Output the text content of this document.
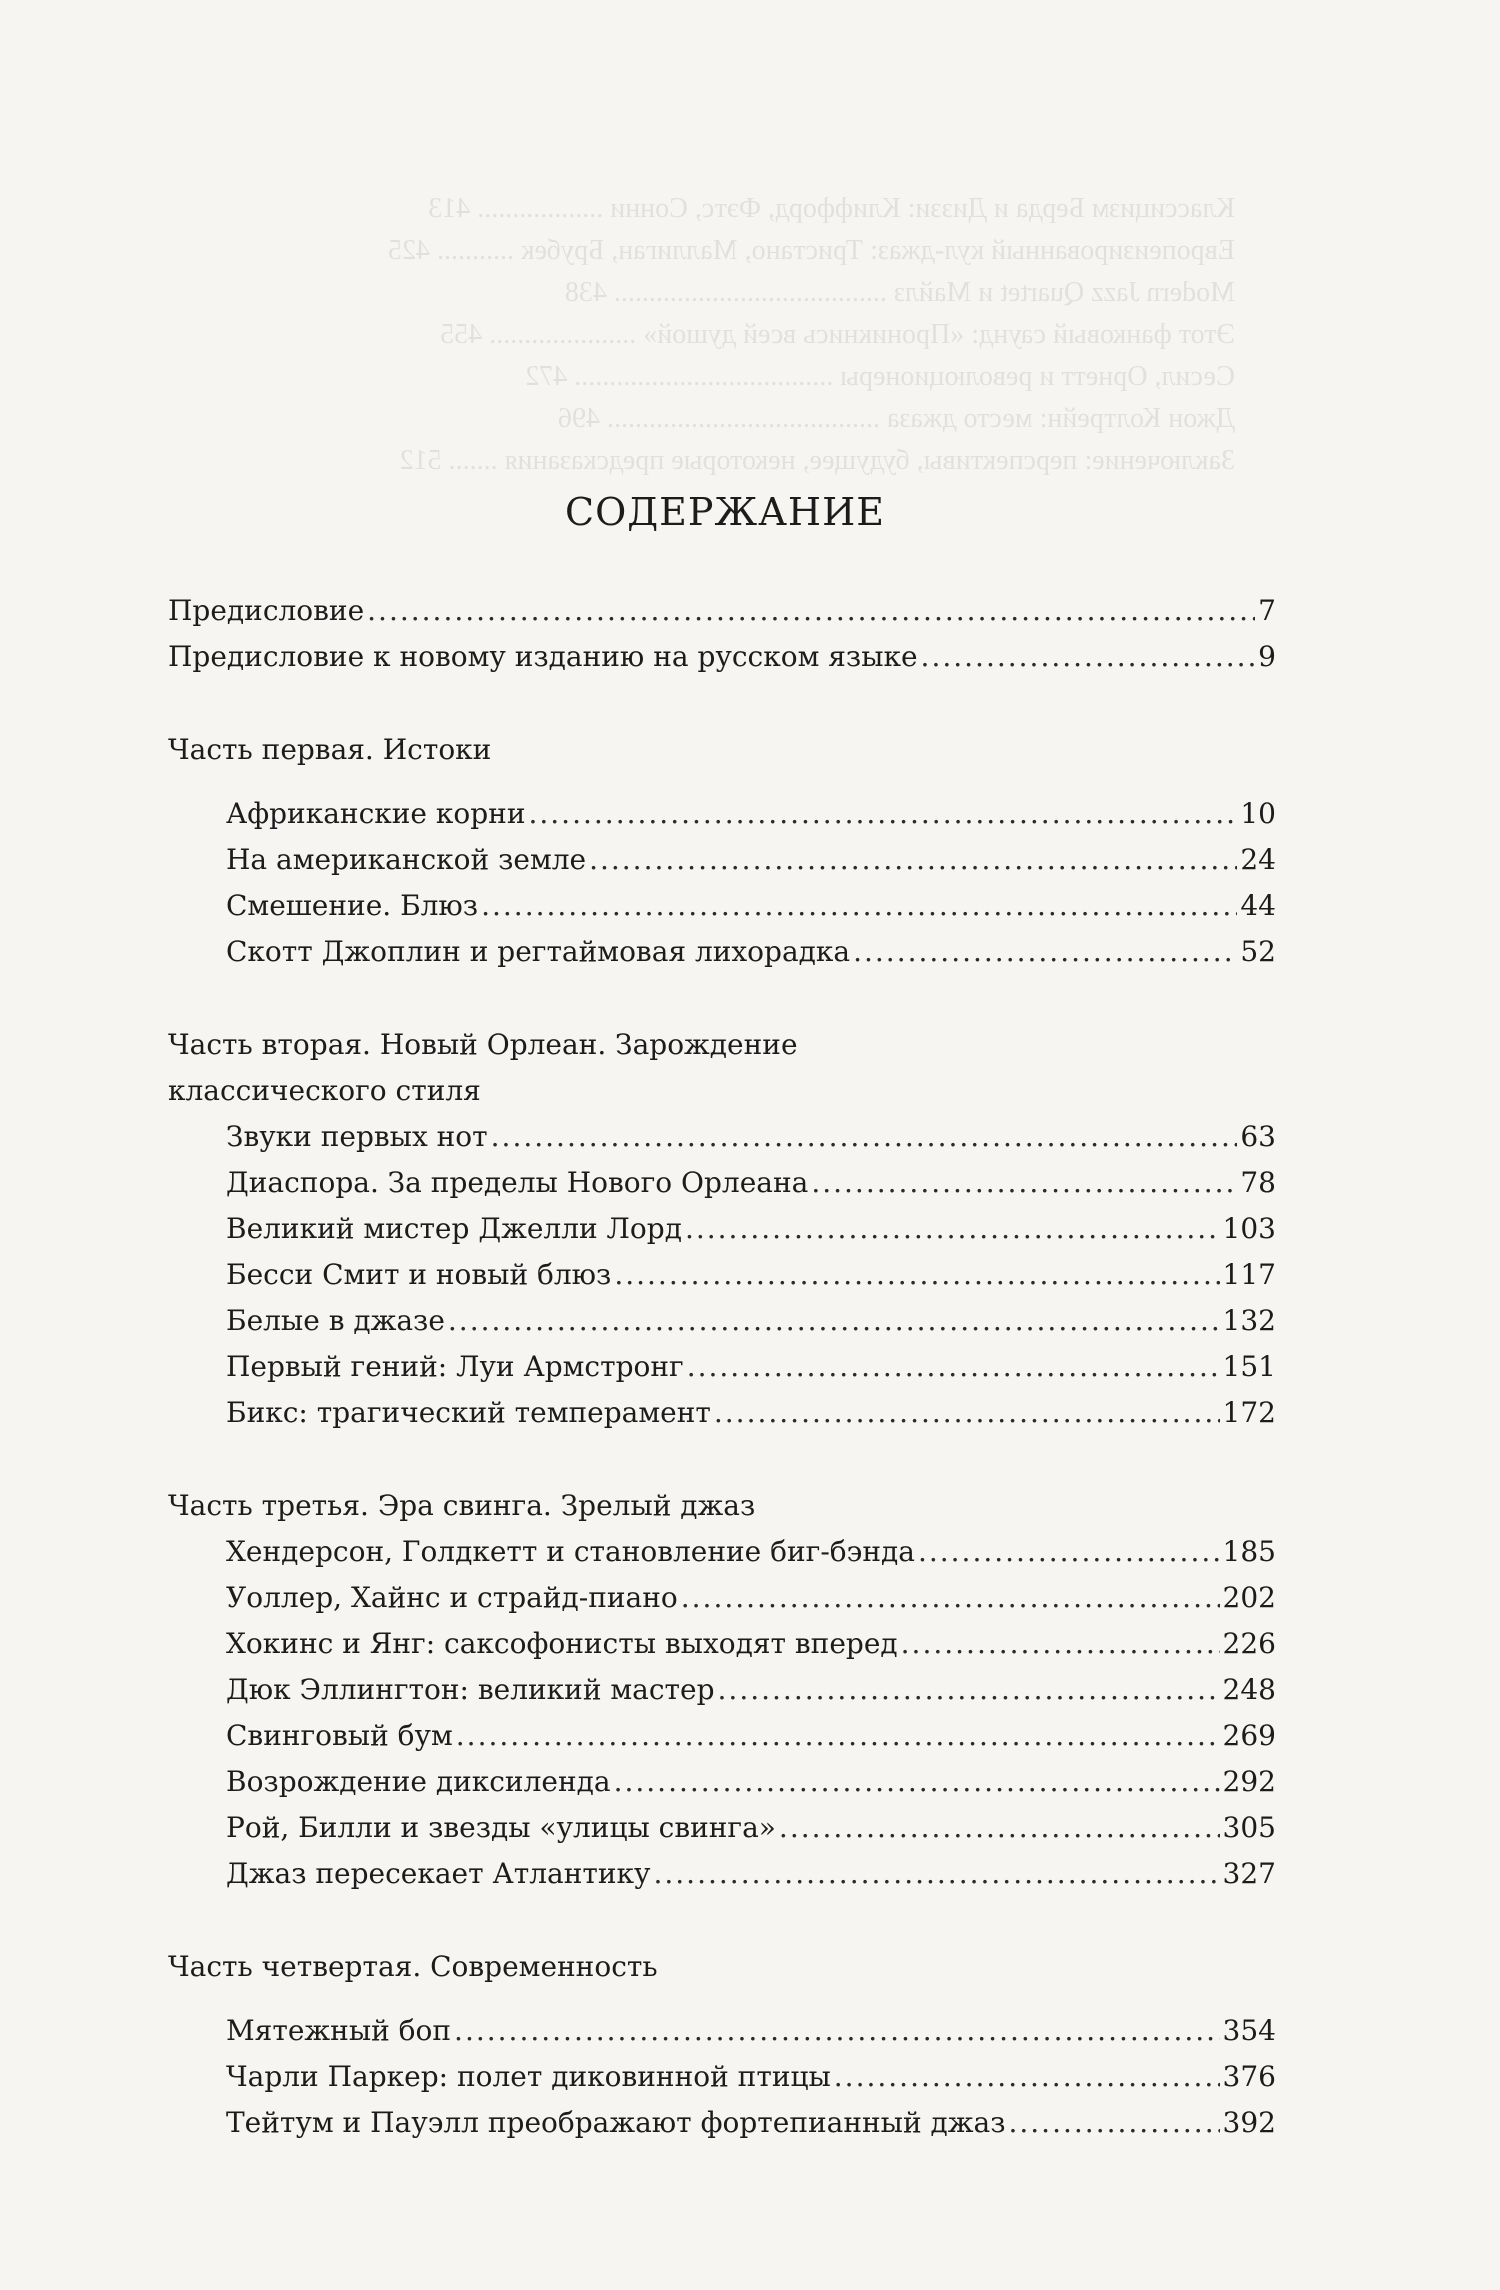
Классицизм Берда и Диззи: Клиффорд, Фэтс, Сонни .................. 413
Европеизированный кул-джаз: Тристано, Маллиган, Брубек ........... 425
Modern Jazz Quartet и Майлз ....................................... 438
Этот фанковый саунд: «Проникнись всей душой» ..................... 455
Сесил, Орнетт и революционеры ..................................... 472
Джон Колтрейн: место джаза ....................................... 496
Заключение: перспективы, будущее, некоторые предсказания ....... 512
СОДЕРЖАНИЕ
Предисловие .....	7
Предисловие к новому изданию на русском языке .....	9
Часть первая. Истоки
Африканские корни .....	10
На американской земле .....	24
Смешение. Блюз .....	44
Скотт Джоплин и регтаймовая лихорадка .....	52
Часть вторая. Новый Орлеан. Зарождение
классического стиля
Звуки первых нот .....	63
Диаспора. За пределы Нового Орлеана .....	78
Великий мистер Джелли Лорд .....	103
Бесси Смит и новый блюз .....	117
Белые в джазе .....	132
Первый гений: Луи Армстронг .....	151
Бикс: трагический темперамент .....	172
Часть третья. Эра свинга. Зрелый джаз
Хендерсон, Голдкетт и становление биг-бэнда .....	185
Уоллер, Хайнс и страйд-пиано .....	202
Хокинс и Янг: саксофонисты выходят вперед .....	226
Дюк Эллингтон: великий мастер .....	248
Свинговый бум .....	269
Возрождение диксиленда .....	292
Рой, Билли и звезды «улицы свинга» .....	305
Джаз пересекает Атлантику .....	327
Часть четвертая. Современность
Мятежный боп .....	354
Чарли Паркер: полет диковинной птицы .....	376
Тейтум и Пауэлл преображают фортепианный джаз .....	392
